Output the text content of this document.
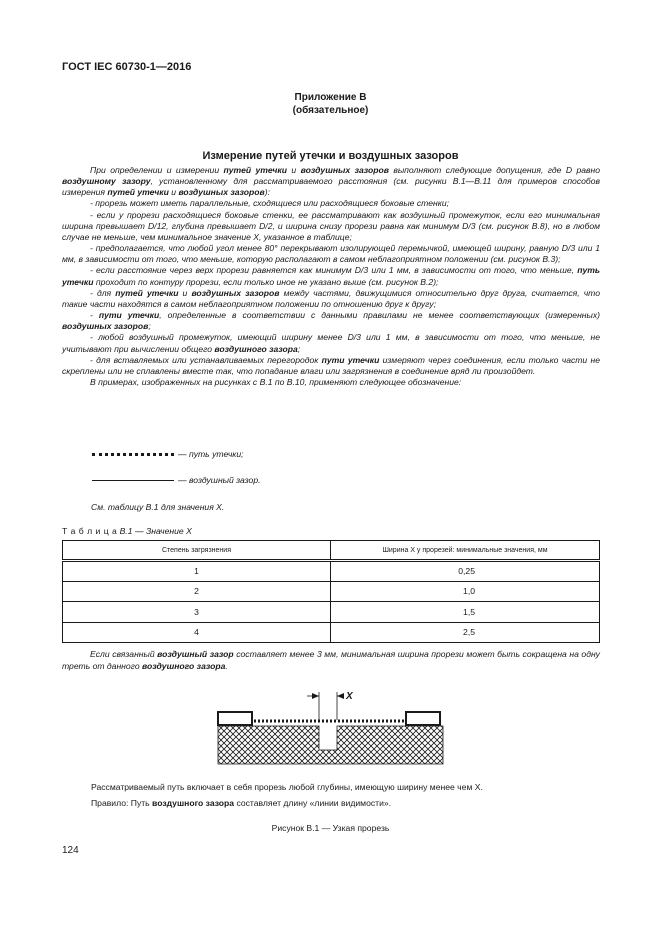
ГОСТ IEC 60730-1—2016
Приложение В
(обязательное)
Измерение путей утечки и воздушных зазоров

При определении и измерении путей утечки и воздушных зазоров выполняют следующие допущения, где D равно воздушному зазору, установленному для рассматриваемого расстояния (см. рисунки В.1—В.11 для примеров способов измерения путей утечки и воздушных зазоров):

- прорезь может иметь параллельные, сходящиеся или расходящиеся боковые стенки;

- если у прорези расходящиеся боковые стенки, ее рассматривают как воздушный промежуток, если его минимальная ширина превышает D/12, глубина превышает D/2, и ширина снизу прорези равна как минимум D/3 (см. рисунок В.8), но в любом случае не меньше, чем минимальное значение X, указанное в таблице;

- предполагается, что любой угол менее 80° перекрывают изолирующей перемычкой, имеющей ширину, равную D/3 или 1 мм, в зависимости от того, что меньше, которую располагают в самом неблагоприятном положении (см. рисунок В.3);

- если расстояние через верх прорези равняется как минимум D/3 или 1 мм, в зависимости от того, что меньше, путь утечки проходит по контуру прорези, если только иное не указано выше (см. рисунок В.2);

- для путей утечки и воздушных зазоров между частями, движущимися относительно друг друга, считается, что такие части находятся в самом неблагоприятном положении по отношению друг к другу;

- пути утечки, определенные в соответствии с данными правилами не менее соответствующих (измеренных) воздушных зазоров;

- любой воздушный промежуток, имеющий ширину менее D/3 или 1 мм, в зависимости от того, что меньше, не учитывают при вычислении общего воздушного зазора;

- для вставляемых или устанавливаемых перегородок пути утечки измеряют через соединения, если только части не скреплены или не сплавлены вместе так, что попадание влаги или загрязнения в соединение вряд ли произойдет.

В примерах, изображенных на рисунках с В.1 по В.10, применяют следующее обозначение:

— путь утечки;
— воздушный зазор.
См. таблицу В.1 для значения X.
Т а б л и ц а В.1 — Значение X
Степень загрязнения	Ширина X у прорезей: минимальные значения, мм
1	0,25
2	1,0
3	1,5
4	2,5

Если связанный воздушный зазор составляет менее 3 мм, минимальная ширина прорези может быть сокращена на одну треть от данного воздушного зазора.

X
Рассматриваемый путь включает в себя прорезь любой глубины, имеющую ширину менее чем X.
Правило: Путь воздушного зазора составляет длину «линии видимости».
Рисунок В.1 — Узкая прорезь
124
